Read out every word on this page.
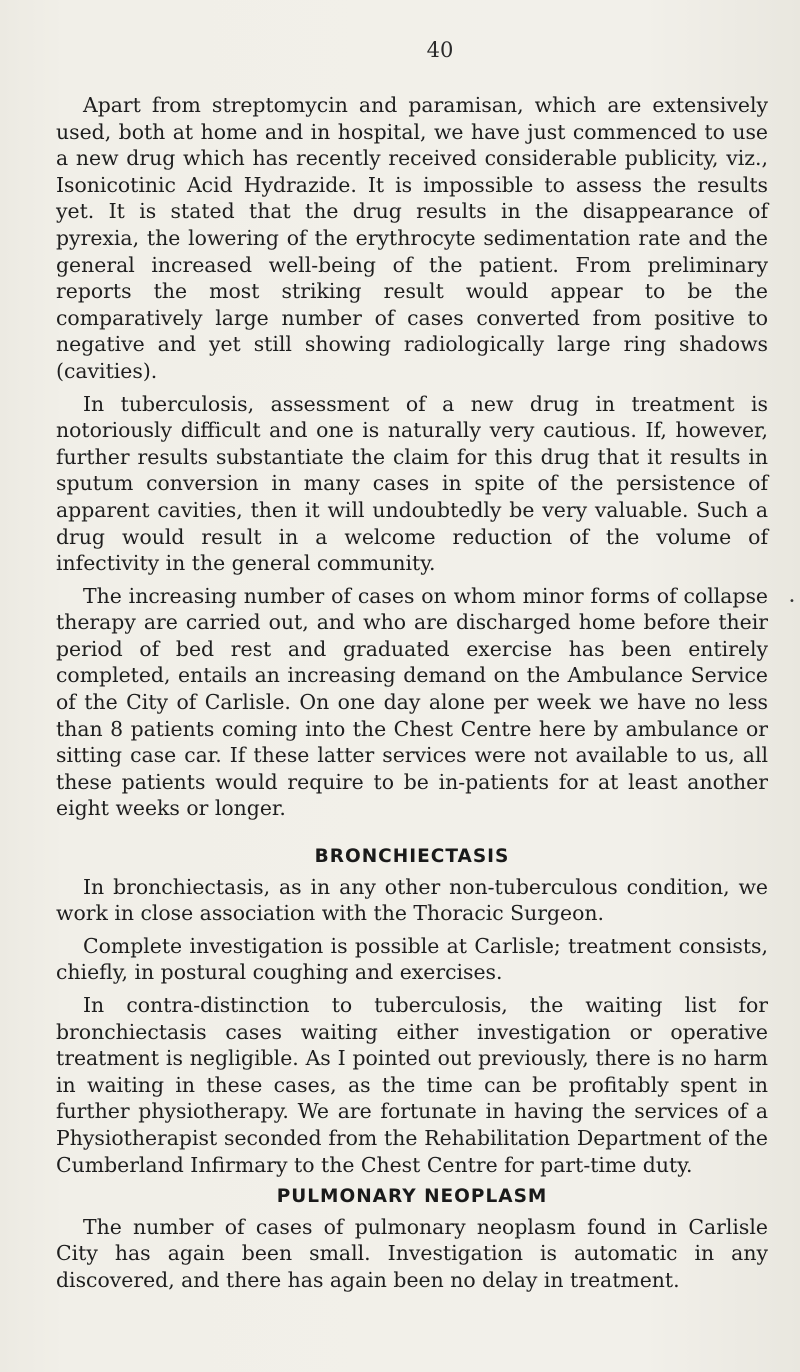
40

Apart from streptomycin and paramisan, which are extensively used, both at home and in hospital, we have just commenced to use a new drug which has recently received considerable publicity, viz., Isonicotinic Acid Hydrazide. It is impossible to assess the results yet. It is stated that the drug results in the disappearance of pyrexia, the lowering of the erythrocyte sedimentation rate and the general increased well-being of the patient. From preliminary reports the most striking result would appear to be the comparatively large number of cases converted from positive to negative and yet still showing radiologically large ring shadows (cavities).

In tuberculosis, assessment of a new drug in treatment is notoriously difficult and one is naturally very cautious. If, however, further results substantiate the claim for this drug that it results in sputum conversion in many cases in spite of the persistence of apparent cavities, then it will undoubtedly be very valuable. Such a drug would result in a welcome reduction of the volume of infectivity in the general community.

The increasing number of cases on whom minor forms of collapse therapy are carried out, and who are discharged home before their period of bed rest and graduated exercise has been entirely completed, entails an increasing demand on the Ambulance Service of the City of Carlisle. On one day alone per week we have no less than 8 patients coming into the Chest Centre here by ambulance or sitting case car. If these latter services were not available to us, all these patients would require to be in-patients for at least another eight weeks or longer.

BRONCHIECTASIS

In bronchiectasis, as in any other non-tuberculous condition, we work in close association with the Thoracic Surgeon.

Complete investigation is possible at Carlisle; treatment consists, chiefly, in postural coughing and exercises.

In contra-distinction to tuberculosis, the waiting list for bronchiectasis cases waiting either investigation or operative treatment is negligible. As I pointed out previously, there is no harm in waiting in these cases, as the time can be profitably spent in further physiotherapy. We are fortunate in having the services of a Physiotherapist seconded from the Rehabilitation Department of the Cumberland Infirmary to the Chest Centre for part-time duty.

PULMONARY NEOPLASM

The number of cases of pulmonary neoplasm found in Carlisle City has again been small. Investigation is automatic in any discovered, and there has again been no delay in treatment.

•
